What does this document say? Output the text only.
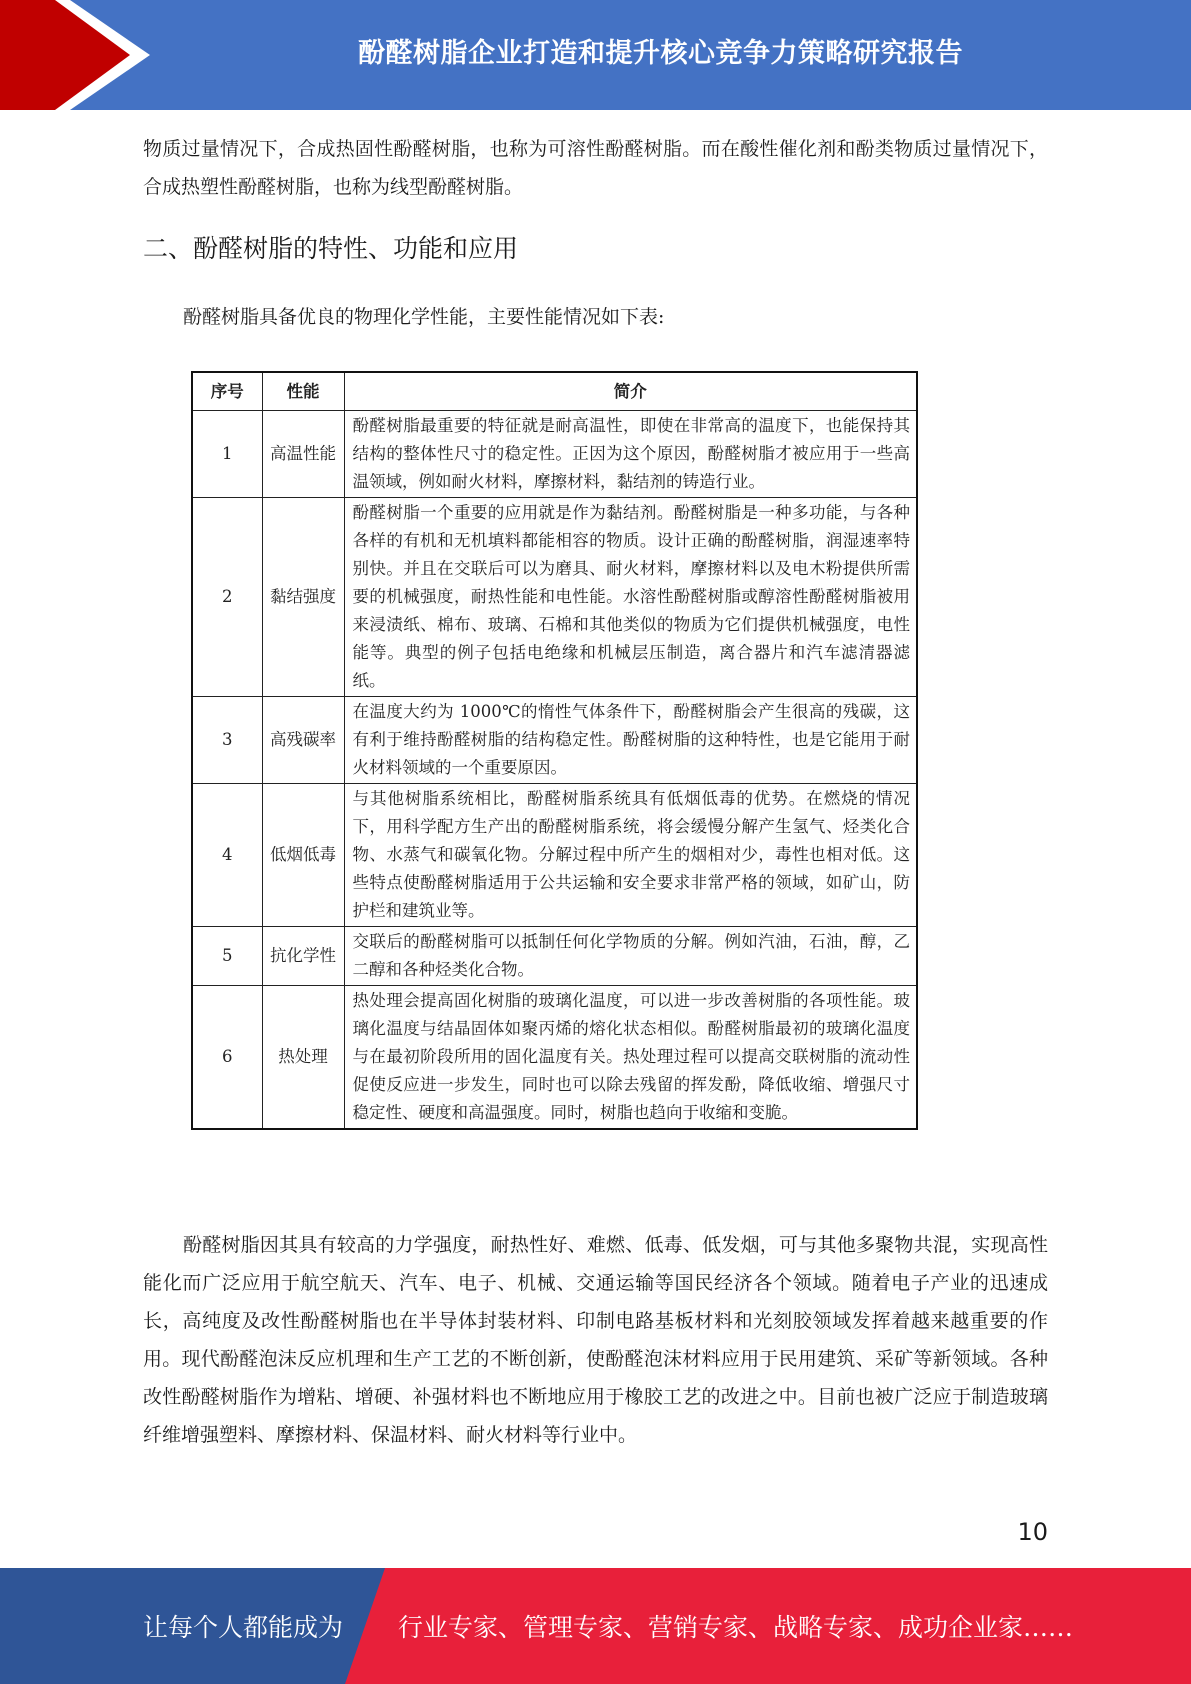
酚醛树脂企业打造和提升核心竞争力策略研究报告

物质过量情况下，合成热固性酚醛树脂，也称为可溶性酚醛树脂。而在酸性催化剂和酚类物质过量情况下，合成热塑性酚醛树脂，也称为线型酚醛树脂。

二、酚醛树脂的特性、功能和应用

酚醛树脂具备优良的物理化学性能，主要性能情况如下表:

序号	性能	简介
1	高温性能	酚醛树脂最重要的特征就是耐高温性，即使在非常高的温度下，也能保持其结构的整体性尺寸的稳定性。正因为这个原因，酚醛树脂才被应用于一些高温领域，例如耐火材料，摩擦材料，黏结剂的铸造行业。
2	黏结强度	酚醛树脂一个重要的应用就是作为黏结剂。酚醛树脂是一种多功能，与各种各样的有机和无机填料都能相容的物质。设计正确的酚醛树脂，润湿速率特别快。并且在交联后可以为磨具、耐火材料，摩擦材料以及电木粉提供所需要的机械强度，耐热性能和电性能。水溶性酚醛树脂或醇溶性酚醛树脂被用来浸渍纸、棉布、玻璃、石棉和其他类似的物质为它们提供机械强度，电性能等。典型的例子包括电绝缘和机械层压制造，离合器片和汽车滤清器滤纸。
3	高残碳率	在温度大约为 1000℃的惰性气体条件下，酚醛树脂会产生很高的残碳，这有利于维持酚醛树脂的结构稳定性。酚醛树脂的这种特性，也是它能用于耐火材料领域的一个重要原因。
4	低烟低毒	与其他树脂系统相比，酚醛树脂系统具有低烟低毒的优势。在燃烧的情况下，用科学配方生产出的酚醛树脂系统，将会缓慢分解产生氢气、烃类化合物、水蒸气和碳氧化物。分解过程中所产生的烟相对少，毒性也相对低。这些特点使酚醛树脂适用于公共运输和安全要求非常严格的领域，如矿山，防护栏和建筑业等。
5	抗化学性	交联后的酚醛树脂可以抵制任何化学物质的分解。例如汽油，石油，醇，乙二醇和各种烃类化合物。
6	热处理	热处理会提高固化树脂的玻璃化温度，可以进一步改善树脂的各项性能。玻璃化温度与结晶固体如聚丙烯的熔化状态相似。酚醛树脂最初的玻璃化温度与在最初阶段所用的固化温度有关。热处理过程可以提高交联树脂的流动性促使反应进一步发生，同时也可以除去残留的挥发酚，降低收缩、增强尺寸稳定性、硬度和高温强度。同时，树脂也趋向于收缩和变脆。

酚醛树脂因其具有较高的力学强度，耐热性好、难燃、低毒、低发烟，可与其他多聚物共混，实现高性能化而广泛应用于航空航天、汽车、电子、机械、交通运输等国民经济各个领域。随着电子产业的迅速成长，高纯度及改性酚醛树脂也在半导体封装材料、印制电路基板材料和光刻胶领域发挥着越来越重要的作用。现代酚醛泡沫反应机理和生产工艺的不断创新，使酚醛泡沫材料应用于民用建筑、采矿等新领域。各种改性酚醛树脂作为增粘、增硬、补强材料也不断地应用于橡胶工艺的改进之中。目前也被广泛应于制造玻璃纤维增强塑料、摩擦材料、保温材料、耐火材料等行业中。

10
让每个人都能成为 行业专家、管理专家、营销专家、战略专家、成功企业家……
